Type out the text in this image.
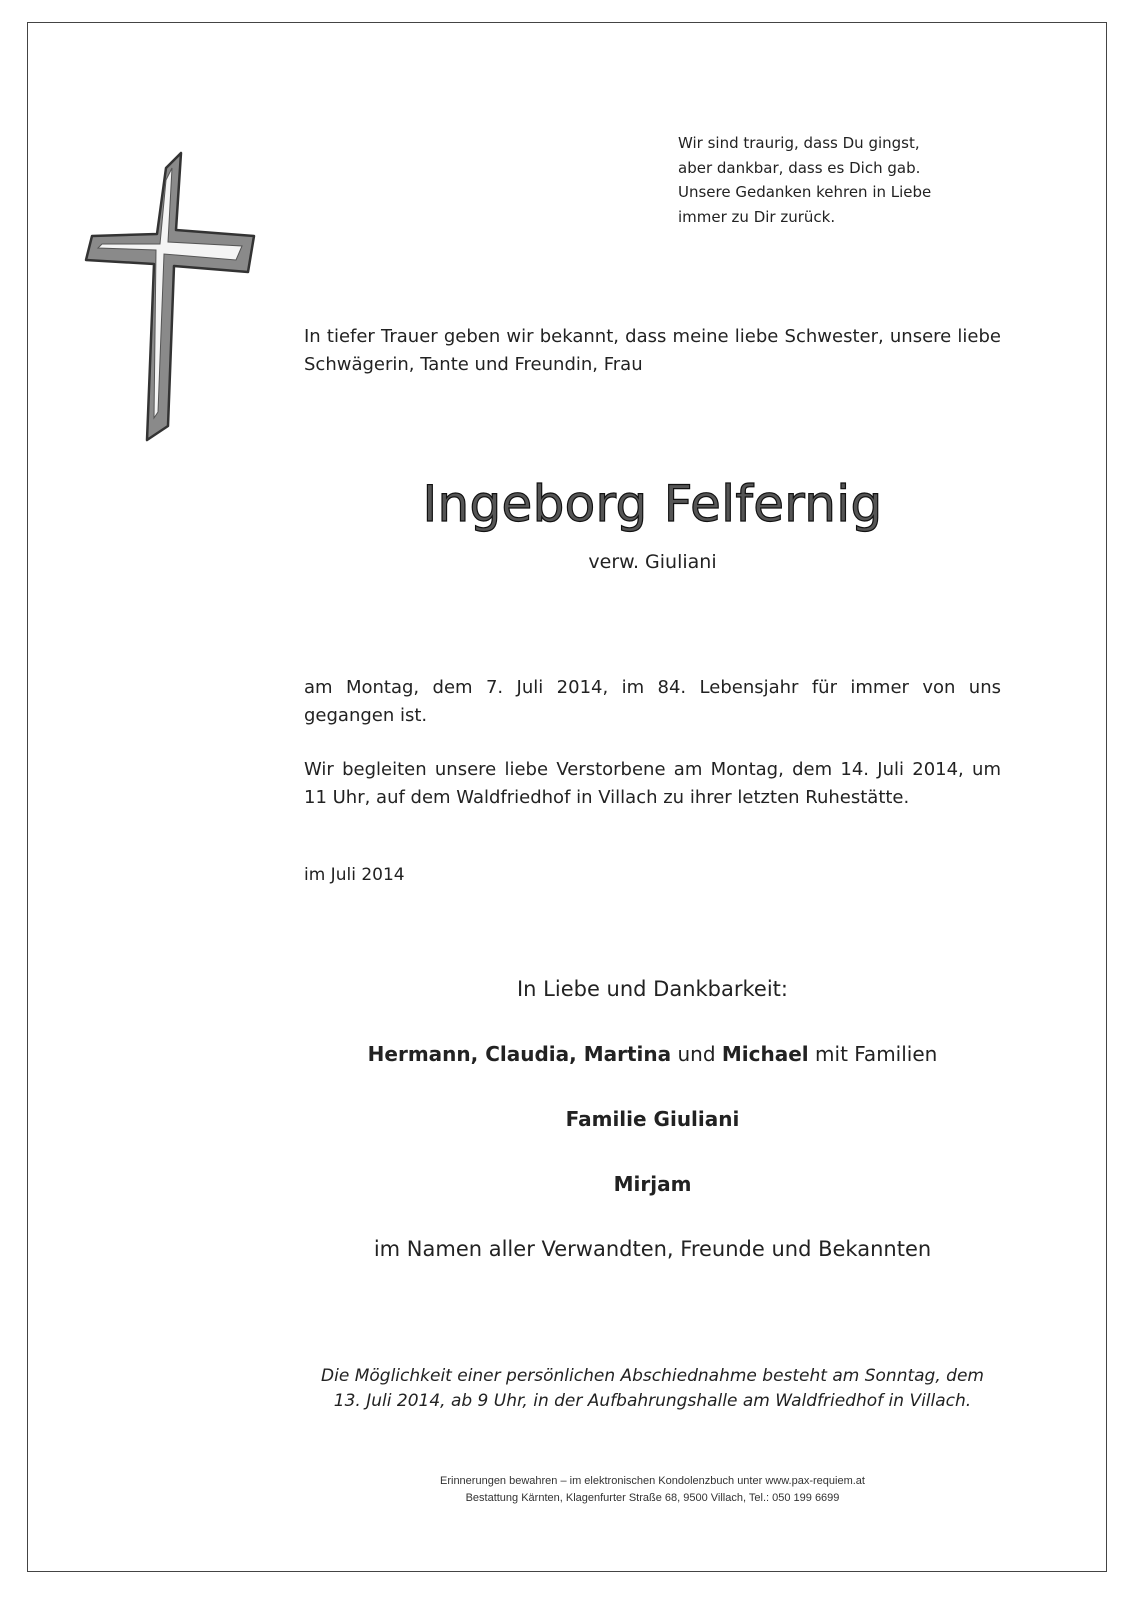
Wir sind traurig, dass Du gingst,
aber dankbar, dass es Dich gab.
Unsere Gedanken kehren in Liebe
immer zu Dir zurück.

In tiefer Trauer geben wir bekannt, dass meine liebe Schwester, unsere liebe Schwägerin, Tante und Freundin, Frau

Ingeborg Felfernig
verw. Giuliani

am Montag, dem 7. Juli 2014, im 84. Lebensjahr für immer von uns gegangen ist.

Wir begleiten unsere liebe Verstorbene am Montag, dem 14. Juli 2014, um 11 Uhr, auf dem Waldfriedhof in Villach zu ihrer letzten Ruhestätte.

im Juli 2014
In Liebe und Dankbarkeit:
Hermann, Claudia, Martina und Michael mit Familien
Familie Giuliani
Mirjam
im Namen aller Verwandten, Freunde und Bekannten
Die Möglichkeit einer persönlichen Abschiednahme besteht am Sonntag, dem
13. Juli 2014, ab 9 Uhr, in der Aufbahrungshalle am Waldfriedhof in Villach.
Erinnerungen bewahren – im elektronischen Kondolenzbuch unter www.pax-requiem.at
Bestattung Kärnten, Klagenfurter Straße 68, 9500 Villach, Tel.: 050 199 6699
